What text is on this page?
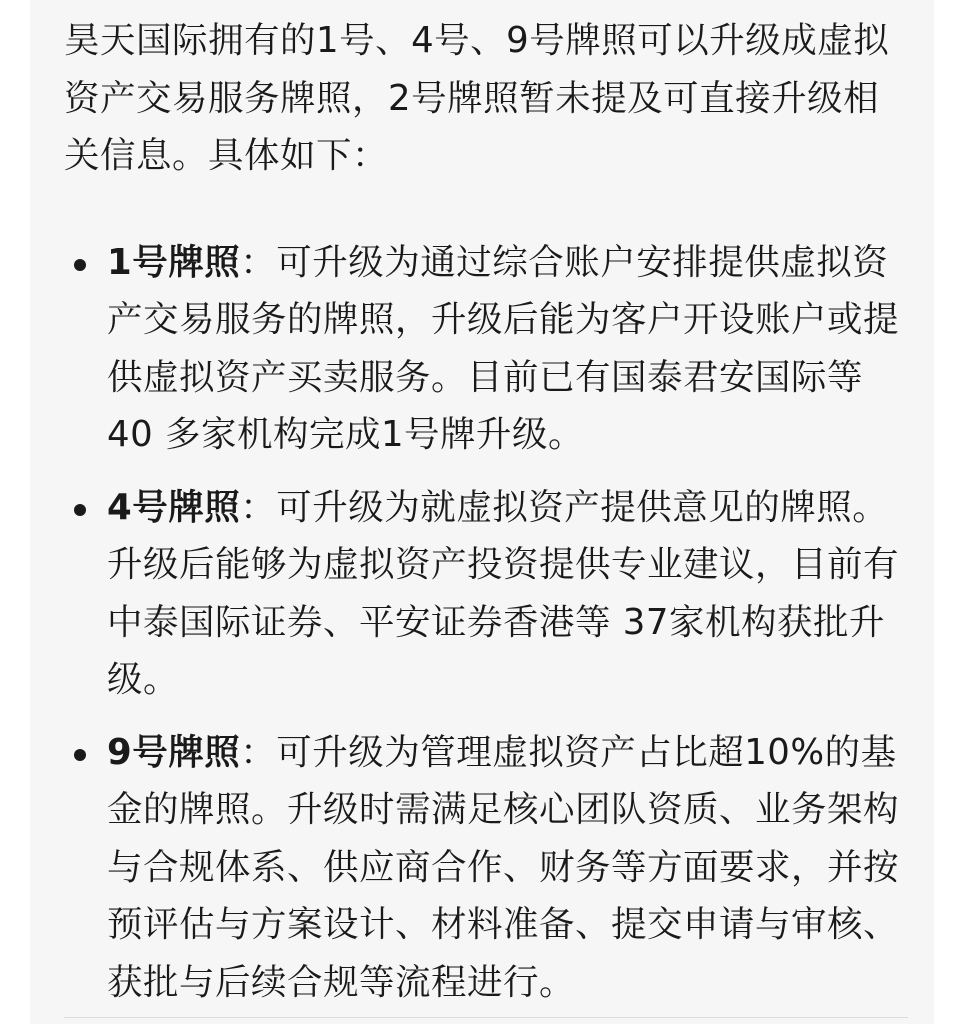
昊天国际拥有的1号、4号、9号牌照可以升级成虚拟资产交易服务牌照，2号牌照暂未提及可直接升级相关信息。具体如下：

1号牌照：可升级为通过综合账户安排提供虚拟资产交易服务的牌照，升级后能为客户开设账户或提供虚拟资产买卖服务。目前已有国泰君安国际等 40 多家机构完成1号牌升级。
4号牌照：可升级为就虚拟资产提供意见的牌照。升级后能够为虚拟资产投资提供专业建议，目前有中泰国际证券、平安证券香港等 37家机构获批升级。
9号牌照：可升级为管理虚拟资产占比超10%的基金的牌照。升级时需满足核心团队资质、业务架构与合规体系、供应商合作、财务等方面要求，并按预评估与方案设计、材料准备、提交申请与审核、获批与后续合规等流程进行。
